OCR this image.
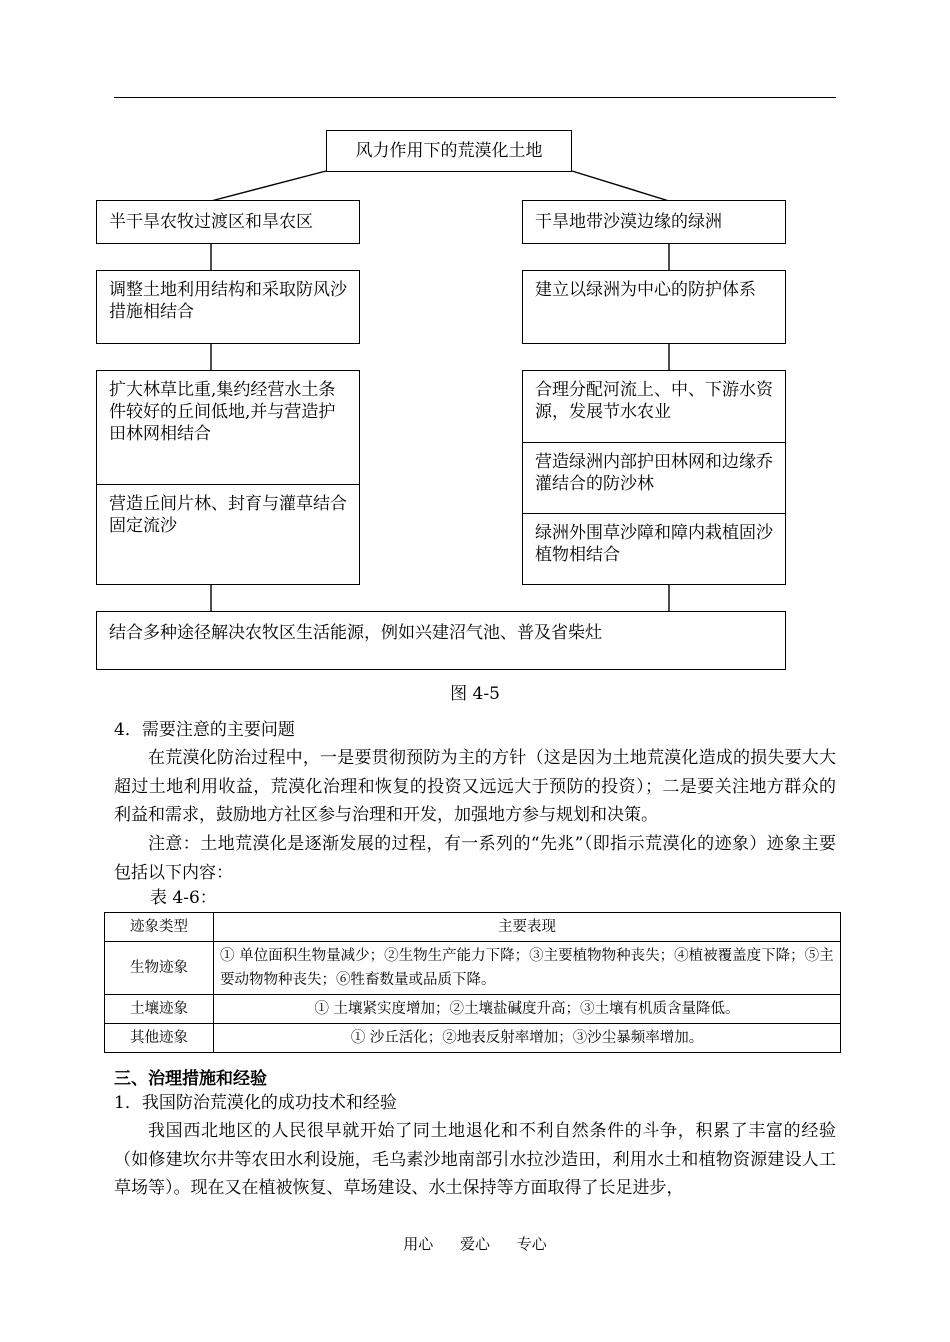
风力作用下的荒漠化土地
半干旱农牧过渡区和旱农区	干旱地带沙漠边缘的绿洲
调整土地利用结构和采取防风沙措施相结合
建立以绿洲为中心的防护体系
扩大林草比重,集约经营水土条件较好的丘间低地,并与营造护田林网相结合
营造丘间片林、封育与灌草结合固定流沙
合理分配河流上、中、下游水资源，发展节水农业
营造绿洲内部护田林网和边缘乔灌结合的防沙林
绿洲外围草沙障和障内栽植固沙植物相结合
结合多种途径解决农牧区生活能源，例如兴建沼气池、普及省柴灶
图 4-5
4．需要注意的主要问题
在荒漠化防治过程中，一是要贯彻预防为主的方针（这是因为土地荒漠化造成的损失要大大超过土地利用收益，荒漠化治理和恢复的投资又远远大于预防的投资）；二是要关注地方群众的利益和需求，鼓励地方社区参与治理和开发，加强地方参与规划和决策。
注意：土地荒漠化是逐渐发展的过程，有一系列的“先兆”（即指示荒漠化的迹象）迹象主要包括以下内容：
表 4-6：
迹象类型	主要表现
生物迹象	① 单位面积生物量减少；②生物生产能力下降；③主要植物物种丧失；④植被覆盖度下降；⑤主要动物物种丧失；⑥牲畜数量或品质下降。
土壤迹象	① 土壤紧实度增加；②土壤盐碱度升高；③土壤有机质含量降低。
其他迹象	① 沙丘活化；②地表反射率增加；③沙尘暴频率增加。
三、治理措施和经验
1．我国防治荒漠化的成功技术和经验
我国西北地区的人民很早就开始了同土地退化和不利自然条件的斗争，积累了丰富的经验（如修建坎尔井等农田水利设施，毛乌素沙地南部引水拉沙造田，利用水土和植物资源建设人工草场等）。现在又在植被恢复、草场建设、水土保持等方面取得了长足进步，
用心 爱心 专心
